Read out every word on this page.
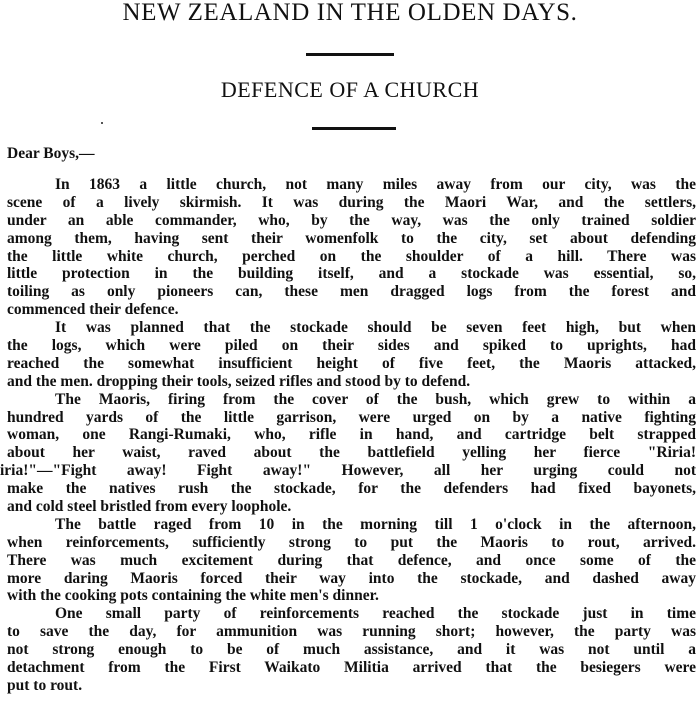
NEW ZEALAND IN THE OLDEN DAYS.
DEFENCE OF A CHURCH

Dear Boys,—

In 1863 a little church, not many miles away from our city, was the
scene of a lively skirmish. It was during the Maori War, and the settlers,
under an able commander, who, by the way, was the only trained soldier
among them, having sent their womenfolk to the city, set about defending
the little white church, perched on the shoulder of a hill. There was
little protection in the building itself, and a stockade was essential, so,
toiling as only pioneers can, these men dragged logs from the forest and
commenced their defence.
It was planned that the stockade should be seven feet high, but when
the logs, which were piled on their sides and spiked to uprights, had
reached the somewhat insufficient height of five feet, the Maoris attacked,
and the men. dropping their tools, seized rifles and stood by to defend.
The Maoris, firing from the cover of the bush, which grew to within a
hundred yards of the little garrison, were urged on by a native fighting
woman, one Rangi-Rumaki, who, rifle in hand, and cartridge belt strapped
about her waist, raved about the battlefield yelling her fierce "Riria!
iria!"—"Fight away! Fight away!" However, all her urging could not
make the natives rush the stockade, for the defenders had fixed bayonets,
and cold steel bristled from every loophole.
The battle raged from 10 in the morning till 1 o'clock in the afternoon,
when reinforcements, sufficiently strong to put the Maoris to rout, arrived.
There was much excitement during that defence, and once some of the
more daring Maoris forced their way into the stockade, and dashed away
with the cooking pots containing the white men's dinner.
One small party of reinforcements reached the stockade just in time
to save the day, for ammunition was running short; however, the party was
not strong enough to be of much assistance, and it was not until a
detachment from the First Waikato Militia arrived that the besiegers were
put to rout.
